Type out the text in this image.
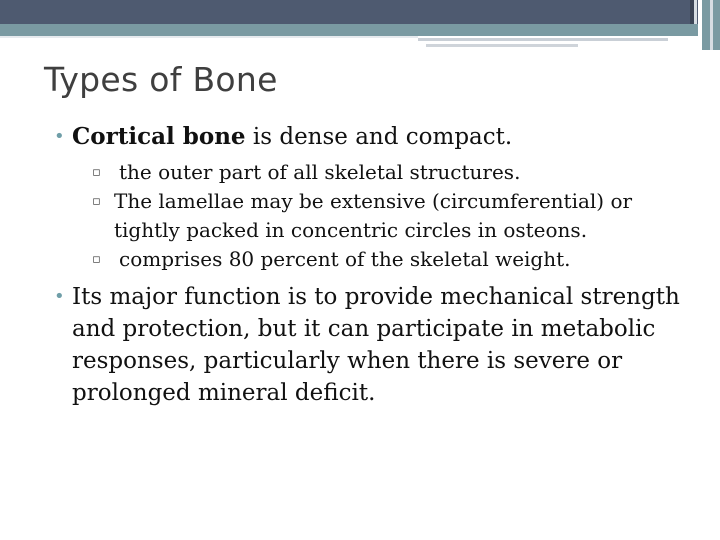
Types of Bone
• Cortical bone is dense and compact.
▫ the outer part of all skeletal structures.
▫ The lamellae may be extensive (circumferential) or tightly packed in concentric circles in osteons.
▫ comprises 80 percent of the skeletal weight.
• Its major function is to provide mechanical strength and protection, but it can participate in metabolic responses, particularly when there is severe or prolonged mineral deficit.
